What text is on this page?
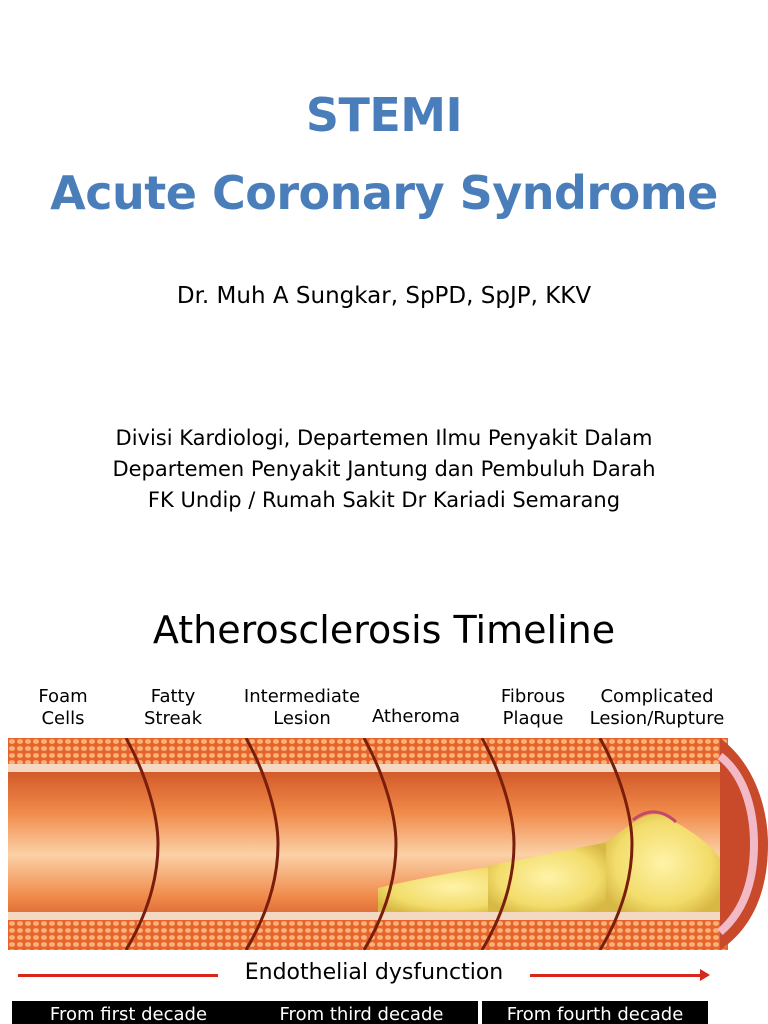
STEMI
Acute Coronary Syndrome
Dr. Muh A Sungkar, SpPD, SpJP, KKV
Divisi Kardiologi, Departemen Ilmu Penyakit Dalam
Departemen Penyakit Jantung dan Pembuluh Darah
FK Undip / Rumah Sakit Dr Kariadi Semarang
Atherosclerosis Timeline
Foam
Cells
Fatty
Streak
Intermediate
Lesion	Atheroma
Fibrous
Plaque
Complicated
Lesion/Rupture
Endothelial dysfunction
From first decade	From third decade	From fourth decade
